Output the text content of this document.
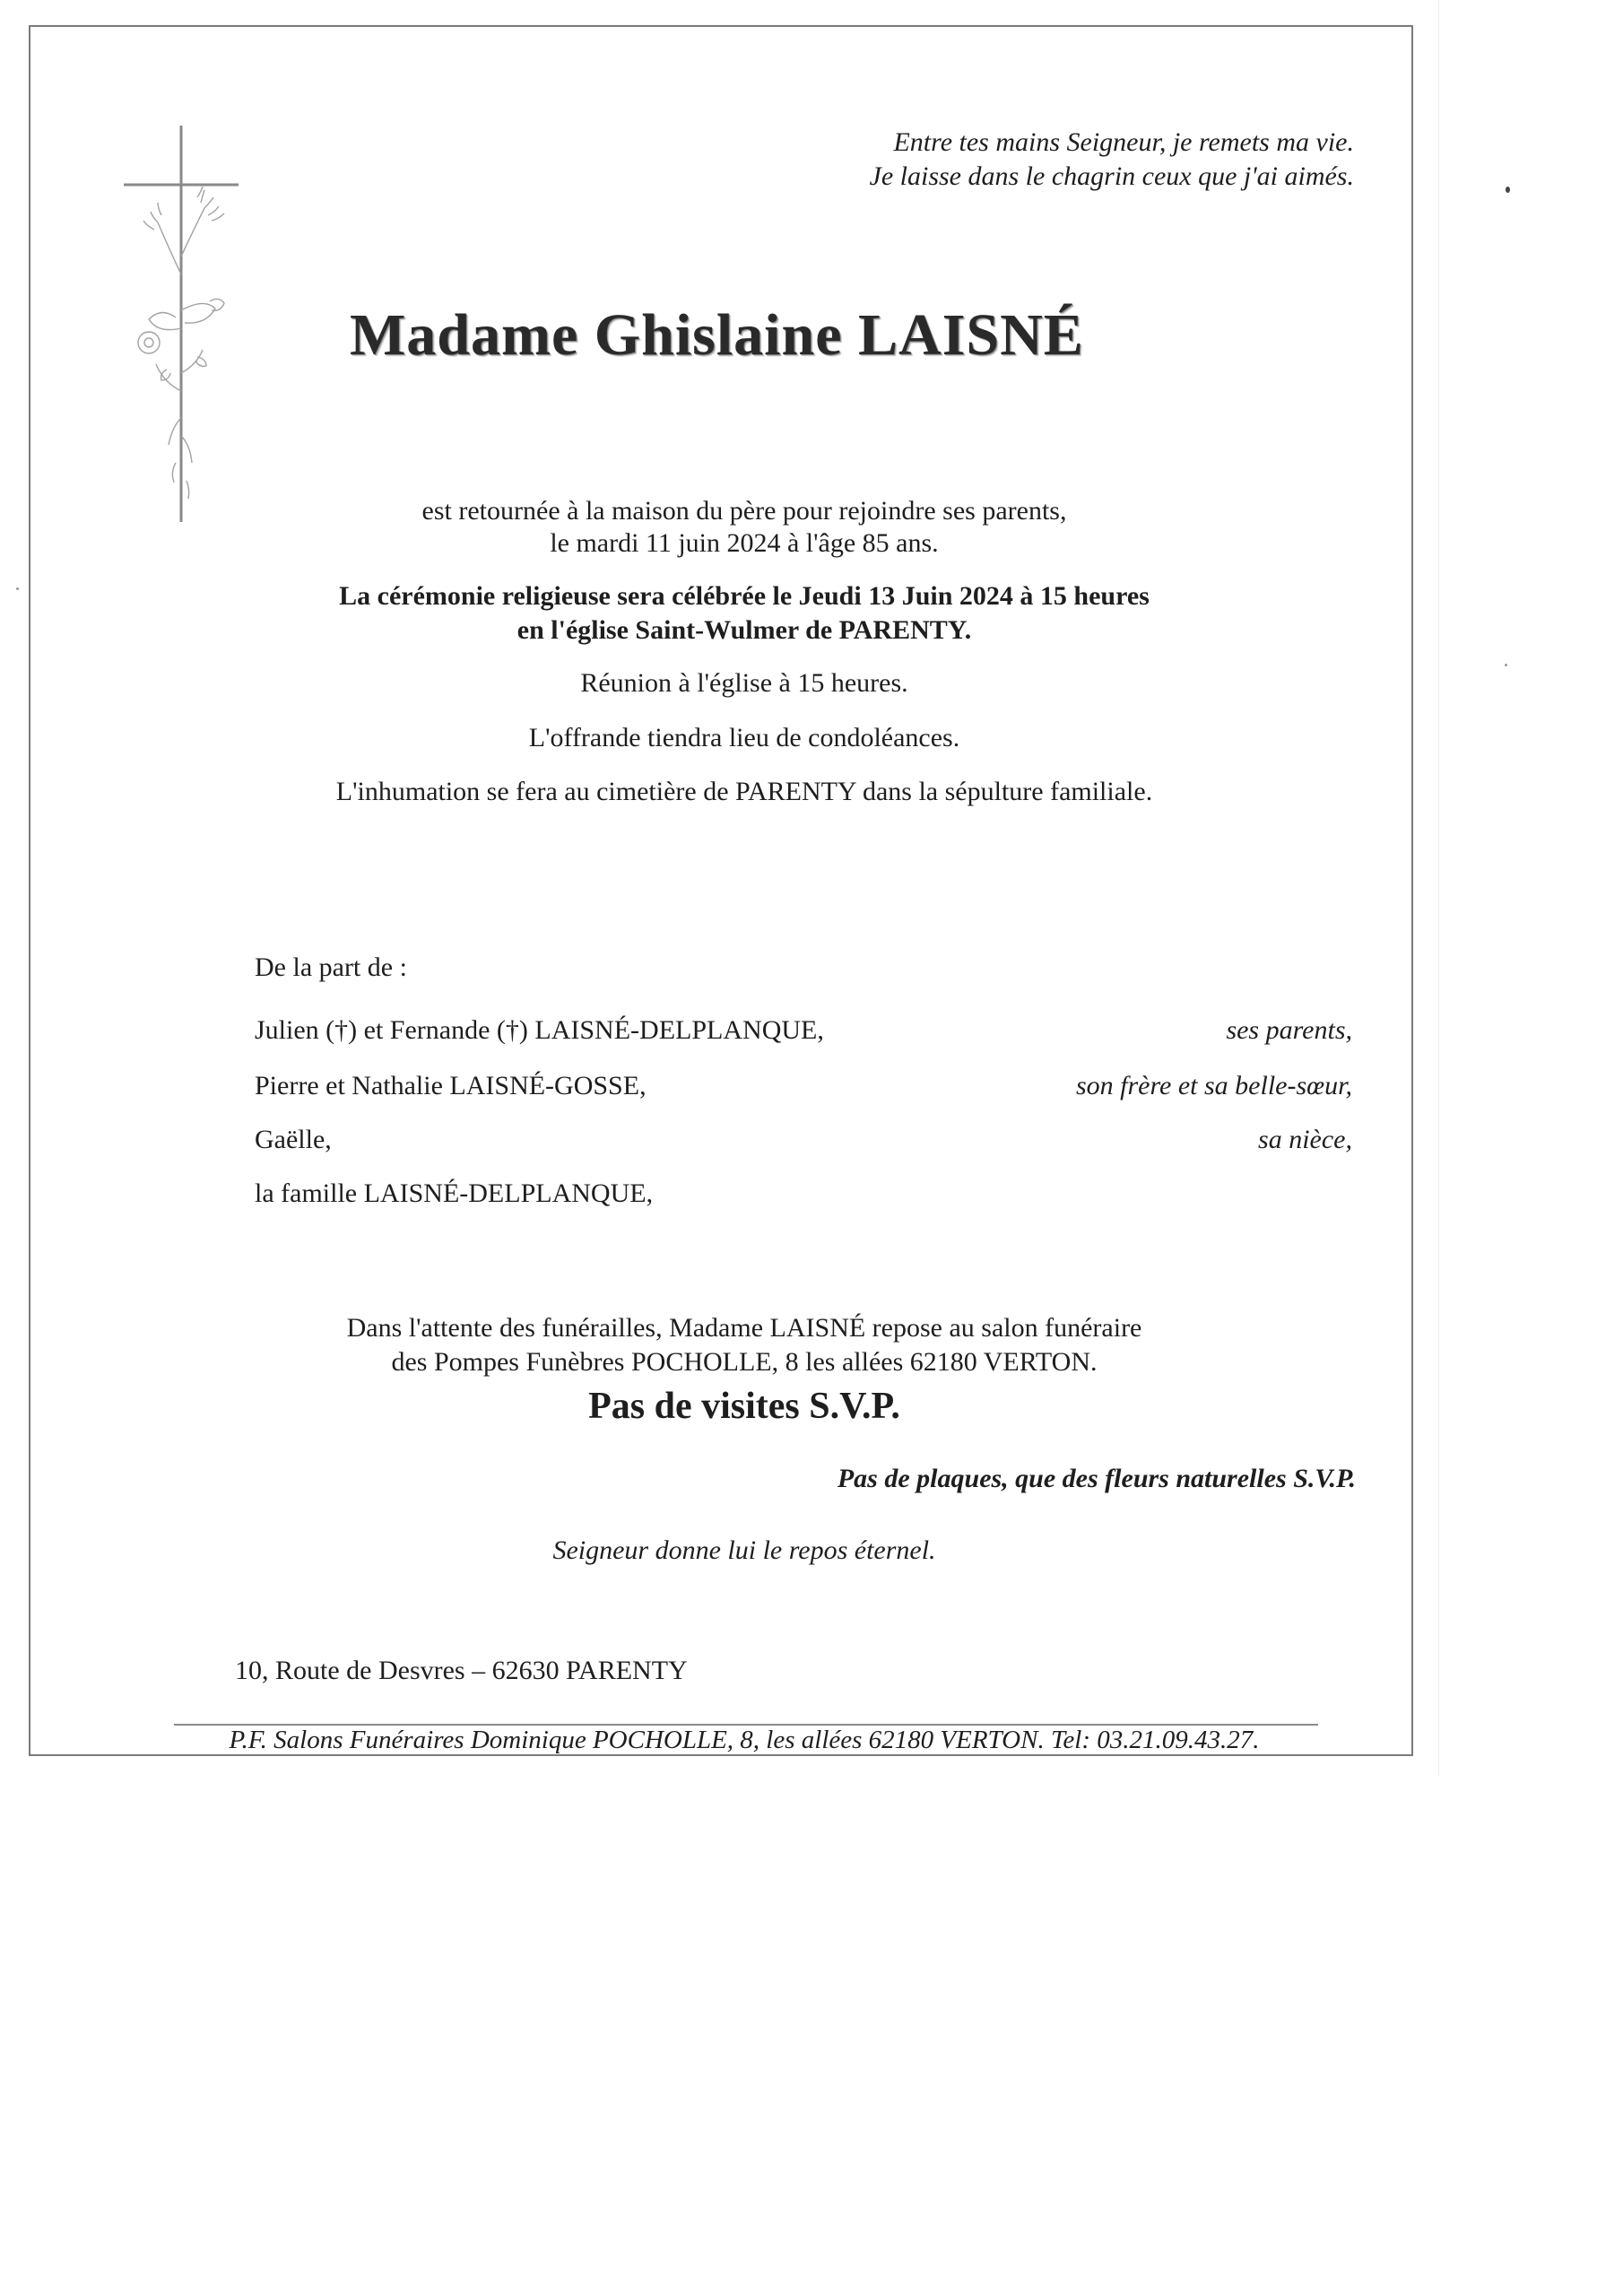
Entre tes mains Seigneur, je remets ma vie.
Je laisse dans le chagrin ceux que j'ai aimés.
Madame Ghislaine LAISNÉ
est retournée à la maison du père pour rejoindre ses parents,
le mardi 11 juin 2024 à l'âge 85 ans.
La cérémonie religieuse sera célébrée le Jeudi 13 Juin 2024 à 15 heures
en l'église Saint-Wulmer de PARENTY.
Réunion à l'église à 15 heures.
L'offrande tiendra lieu de condoléances.
L'inhumation se fera au cimetière de PARENTY dans la sépulture familiale.
De la part de :
Julien (†) et Fernande (†) LAISNÉ-DELPLANQUE,	ses parents,
Pierre et Nathalie LAISNÉ-GOSSE,	son frère et sa belle-sœur,
Gaëlle,	sa nièce,
la famille LAISNÉ-DELPLANQUE,
Dans l'attente des funérailles, Madame LAISNÉ repose au salon funéraire
des Pompes Funèbres POCHOLLE, 8 les allées 62180 VERTON.
Pas de visites S.V.P.
Pas de plaques, que des fleurs naturelles S.V.P.
Seigneur donne lui le repos éternel.
10, Route de Desvres – 62630 PARENTY
P.F. Salons Funéraires Dominique POCHOLLE, 8, les allées 62180 VERTON. Tel: 03.21.09.43.27.
